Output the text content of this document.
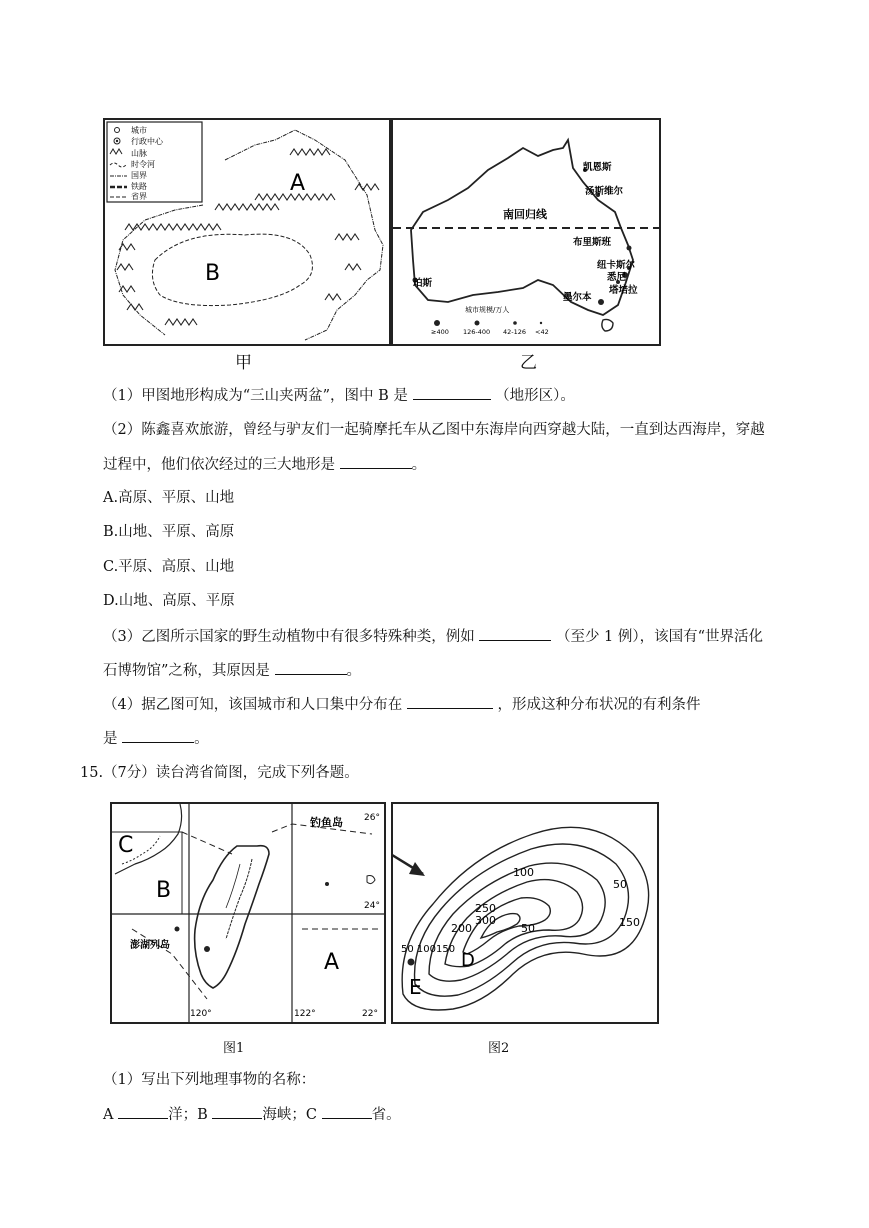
城市
行政中心
山脉
时令河
国界
铁路
省界
A
B
南回归线
凯恩斯
汤斯维尔
布里斯班
纽卡斯尔
悉尼
墨尔本
塔培拉
珀斯
城市规模/万人
≥400 126-400 42-126 <42
甲	乙
（1）甲图地形构成为“三山夹两盆”，图中 B 是	（地形区）。
（2）陈鑫喜欢旅游，曾经与驴友们一起骑摩托车从乙图中东海岸向西穿越大陆，一直到达西海岸，穿越
过程中，他们依次经过的三大地形是	。
A.高原、平原、山地
B.山地、平原、高原
C.平原、高原、山地
D.山地、高原、平原
（3）乙图所示国家的野生动植物中有很多特殊种类，例如	（至少 1 例），该国有“世界活化
石博物馆”之称，其原因是	。
（4）据乙图可知，该国城市和人口集中分布在	，形成这种分布状况的有利条件
是	。
15.（7分）读台湾省简图，完成下列各题。
C
B
A
澎湖列岛
钓鱼岛 26°
24°
22°
120°	122°
100
50
150
200
250
300
50
50 100150
D
E
图1	图2
（1）写出下列地理事物的名称：
A	洋；B	海峡；C	省。
